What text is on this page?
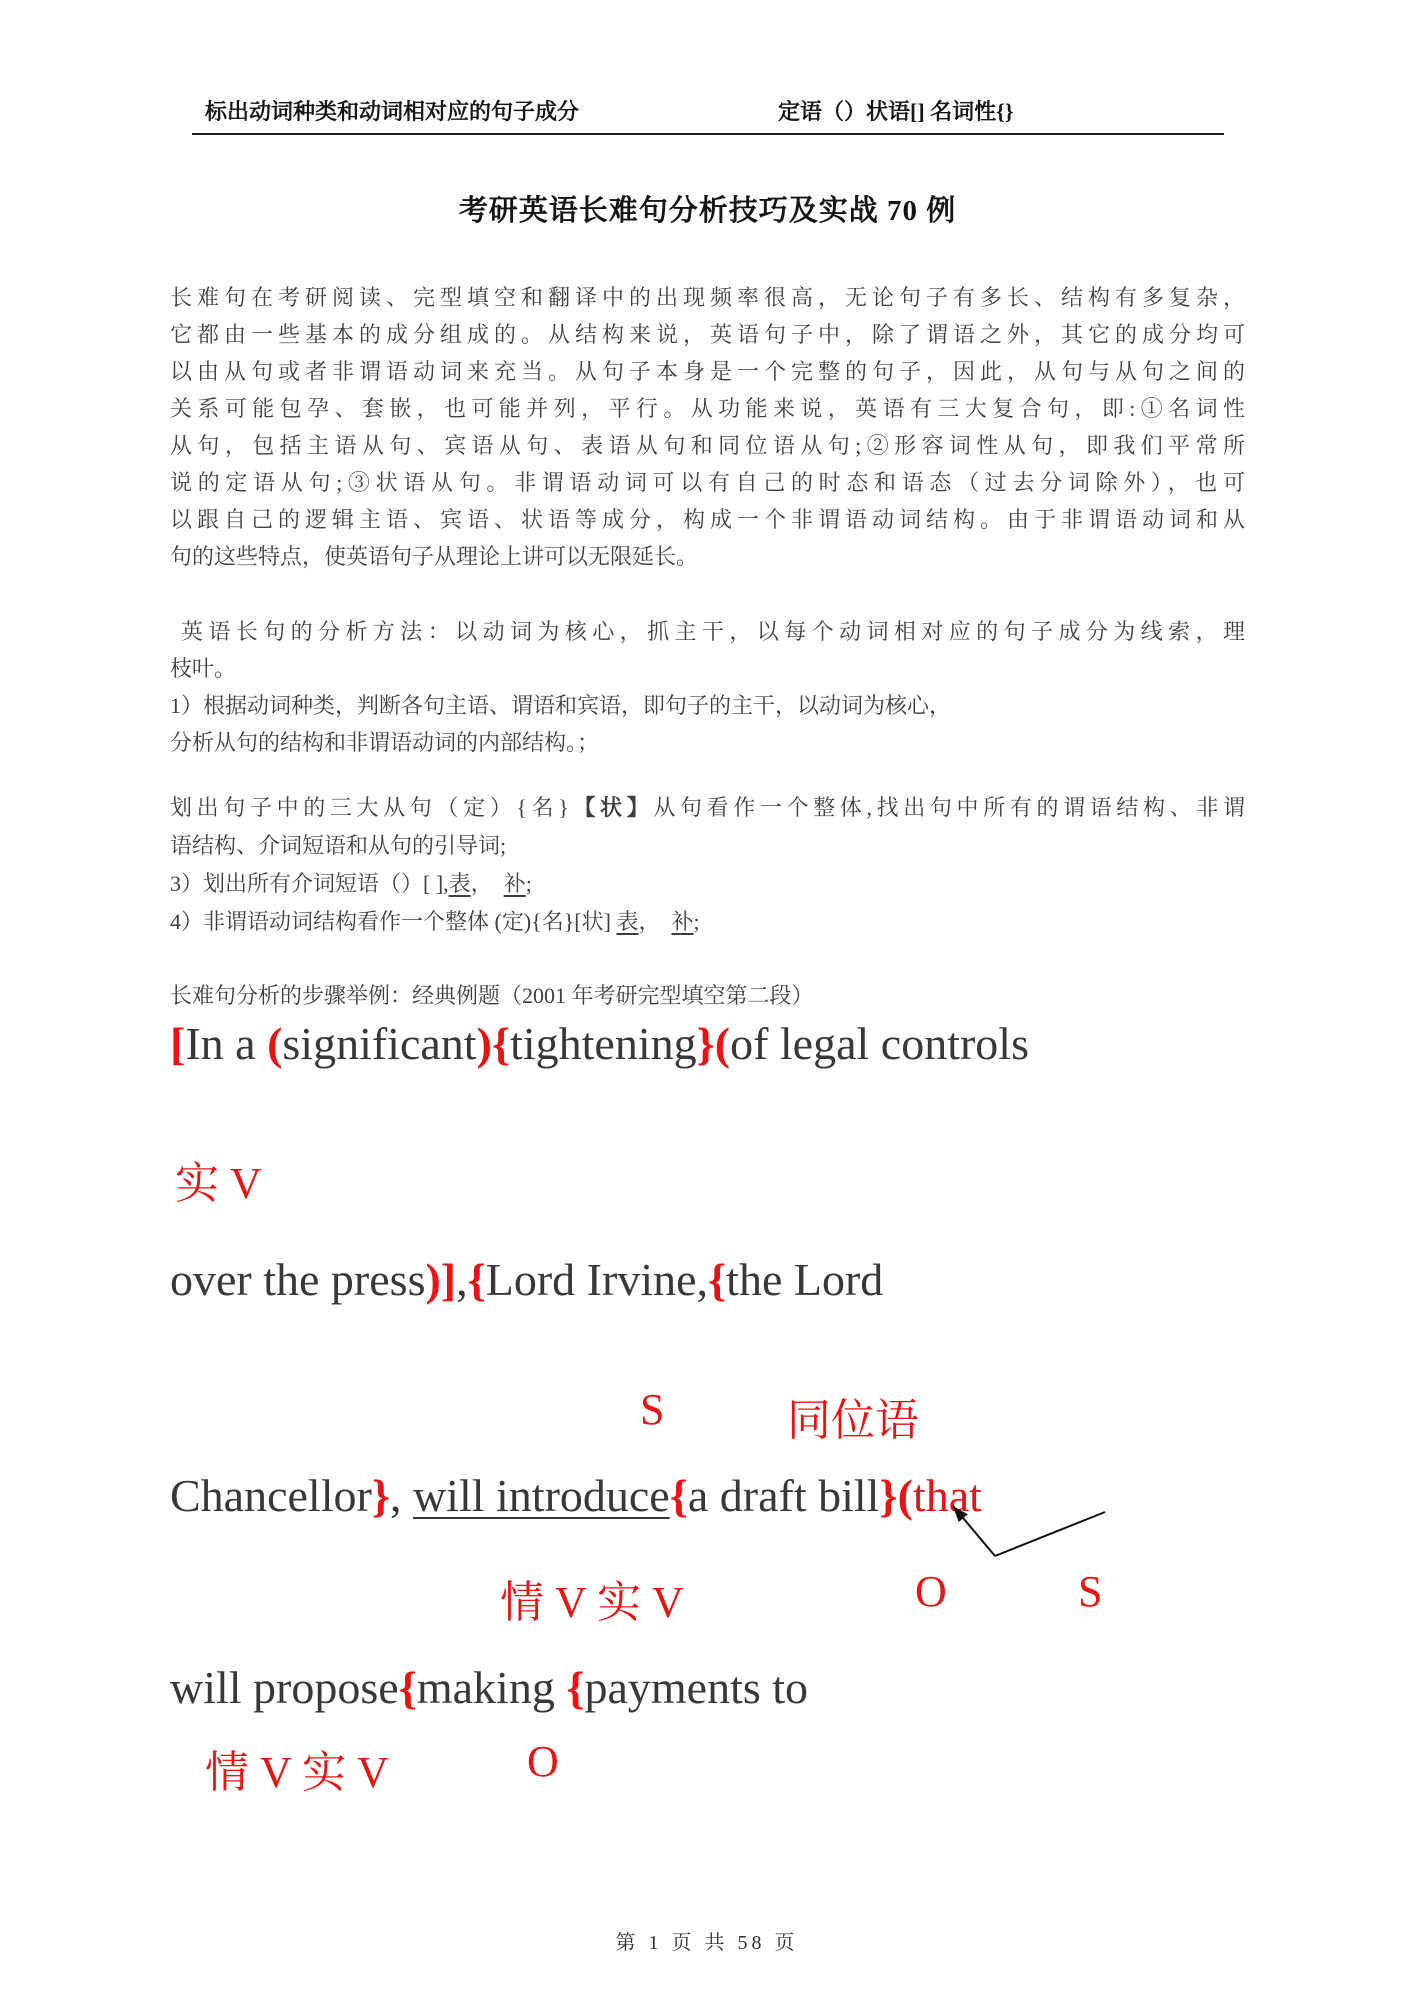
标出动词种类和动词相对应的句子成分	定语（）状语[] 名词性{}
考研英语长难句分析技巧及实战 70 例
长难句在考研阅读、完型填空和翻译中的出现频率很高，无论句子有多长、结构有多复杂，
它都由一些基本的成分组成的。从结构来说，英语句子中，除了谓语之外，其它的成分均可
以由从句或者非谓语动词来充当。从句子本身是一个完整的句子，因此，从句与从句之间的
关系可能包孕、套嵌，也可能并列，平行。从功能来说，英语有三大复合句，即:①名词性
从句，包括主语从句、宾语从句、表语从句和同位语从句;②形容词性从句，即我们平常所
说的定语从句;③状语从句。非谓语动词可以有自己的时态和语态（过去分词除外），也可
以跟自己的逻辑主语、宾语、状语等成分，构成一个非谓语动词结构。由于非谓语动词和从
句的这些特点，使英语句子从理论上讲可以无限延长。
英语长句的分析方法：以动词为核心，抓主干，以每个动词相对应的句子成分为线索，理
枝叶。
1）根据动词种类，判断各句主语、谓语和宾语，即句子的主干，以动词为核心，
分析从句的结构和非谓语动词的内部结构。；
划出句子中的三大从句（定）{名}【状】从句看作一个整体,找出句中所有的谓语结构、非谓
语结构、介词短语和从句的引导词;
3）划出所有介词短语（）[ ],表，　补;
4）非谓语动词结构看作一个整体 (定){名}[状] 表，　补;
长难句分析的步骤举例：经典例题（2001 年考研完型填空第二段）
[In a (significant){tightening}(of legal controls
实 V
over the press)],{Lord Irvine,{the Lord
S	同位语
Chancellor}, will introduce{a draft bill}(that
情 V 实 V	O	S
will propose{making {payments to
情 V 实 V	O
第 1 页 共 58 页
